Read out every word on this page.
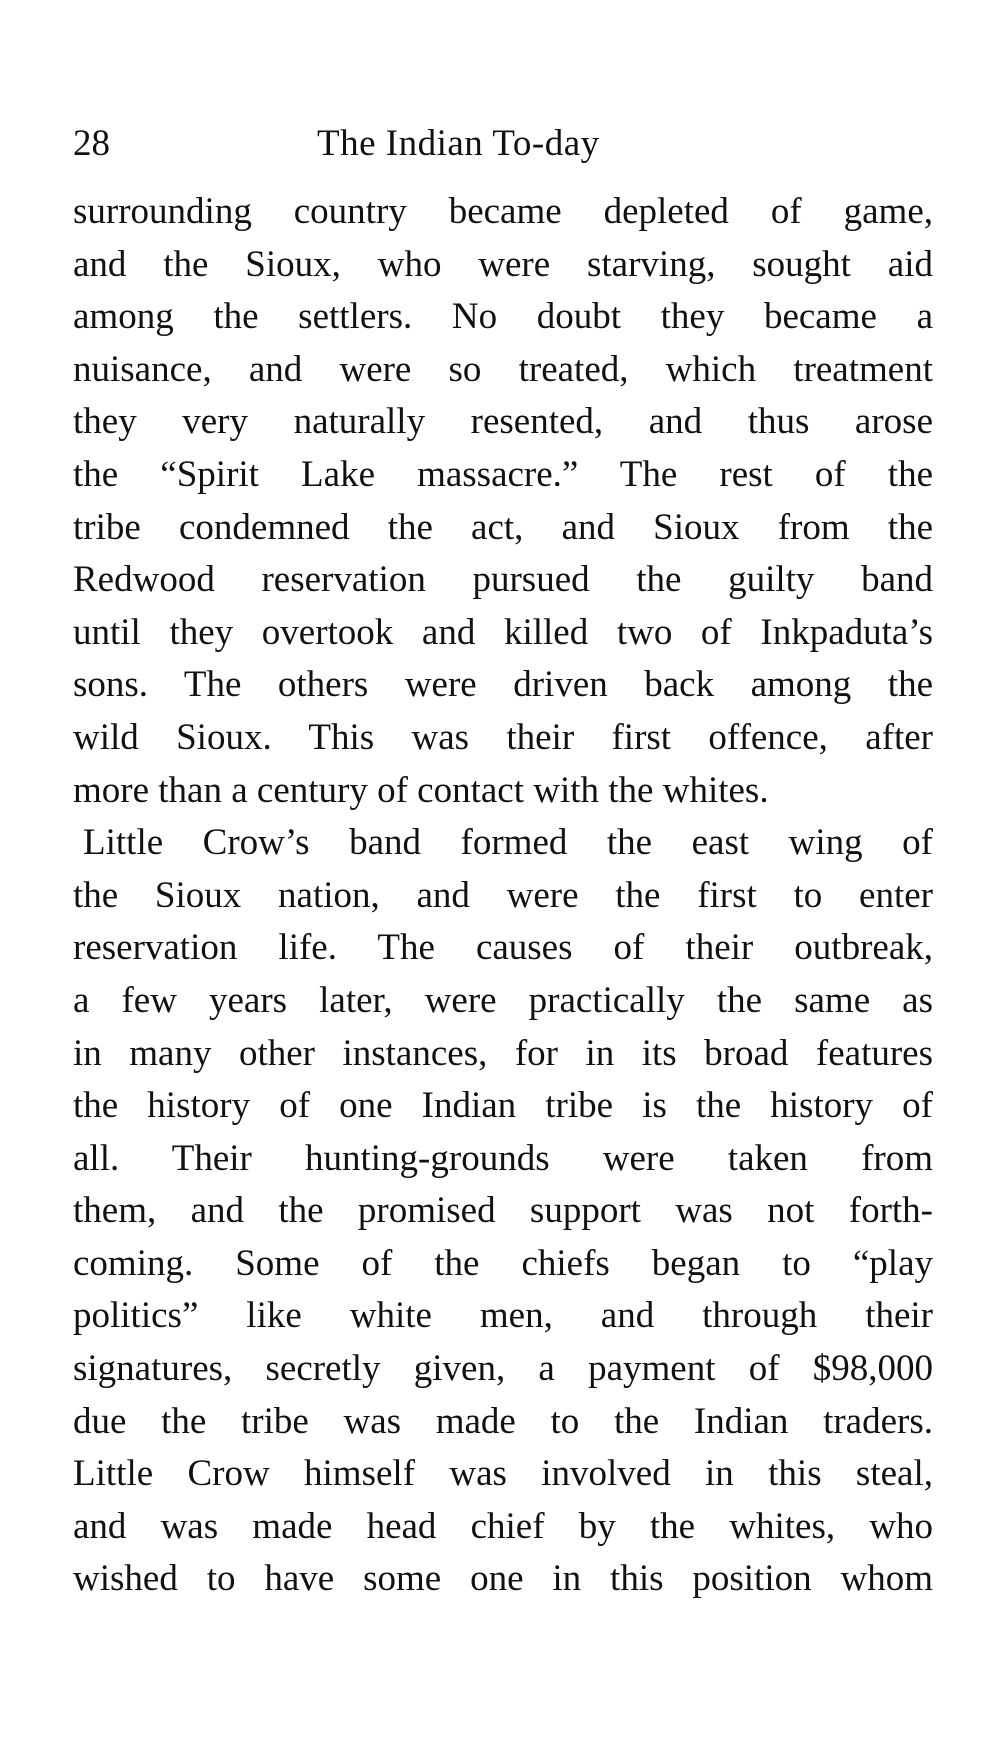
28	The Indian To-day
surrounding country became depleted of game,
and the Sioux, who were starving, sought aid
among the settlers. No doubt they became a
nuisance, and were so treated, which treatment
they very naturally resented, and thus arose
the “Spirit Lake massacre.” The rest of the
tribe condemned the act, and Sioux from the
Redwood reservation pursued the guilty band
until they overtook and killed two of Inkpaduta’s
sons. The others were driven back among the
wild Sioux. This was their first offence, after
more than a century of contact with the whites.
Little Crow’s band formed the east wing of
the Sioux nation, and were the first to enter
reservation life. The causes of their outbreak,
a few years later, were practically the same as
in many other instances, for in its broad features
the history of one Indian tribe is the history of
all. Their hunting-grounds were taken from
them, and the promised support was not forth-
coming. Some of the chiefs began to “play
politics” like white men, and through their
signatures, secretly given, a payment of $98,000
due the tribe was made to the Indian traders.
Little Crow himself was involved in this steal,
and was made head chief by the whites, who
wished to have some one in this position whom
